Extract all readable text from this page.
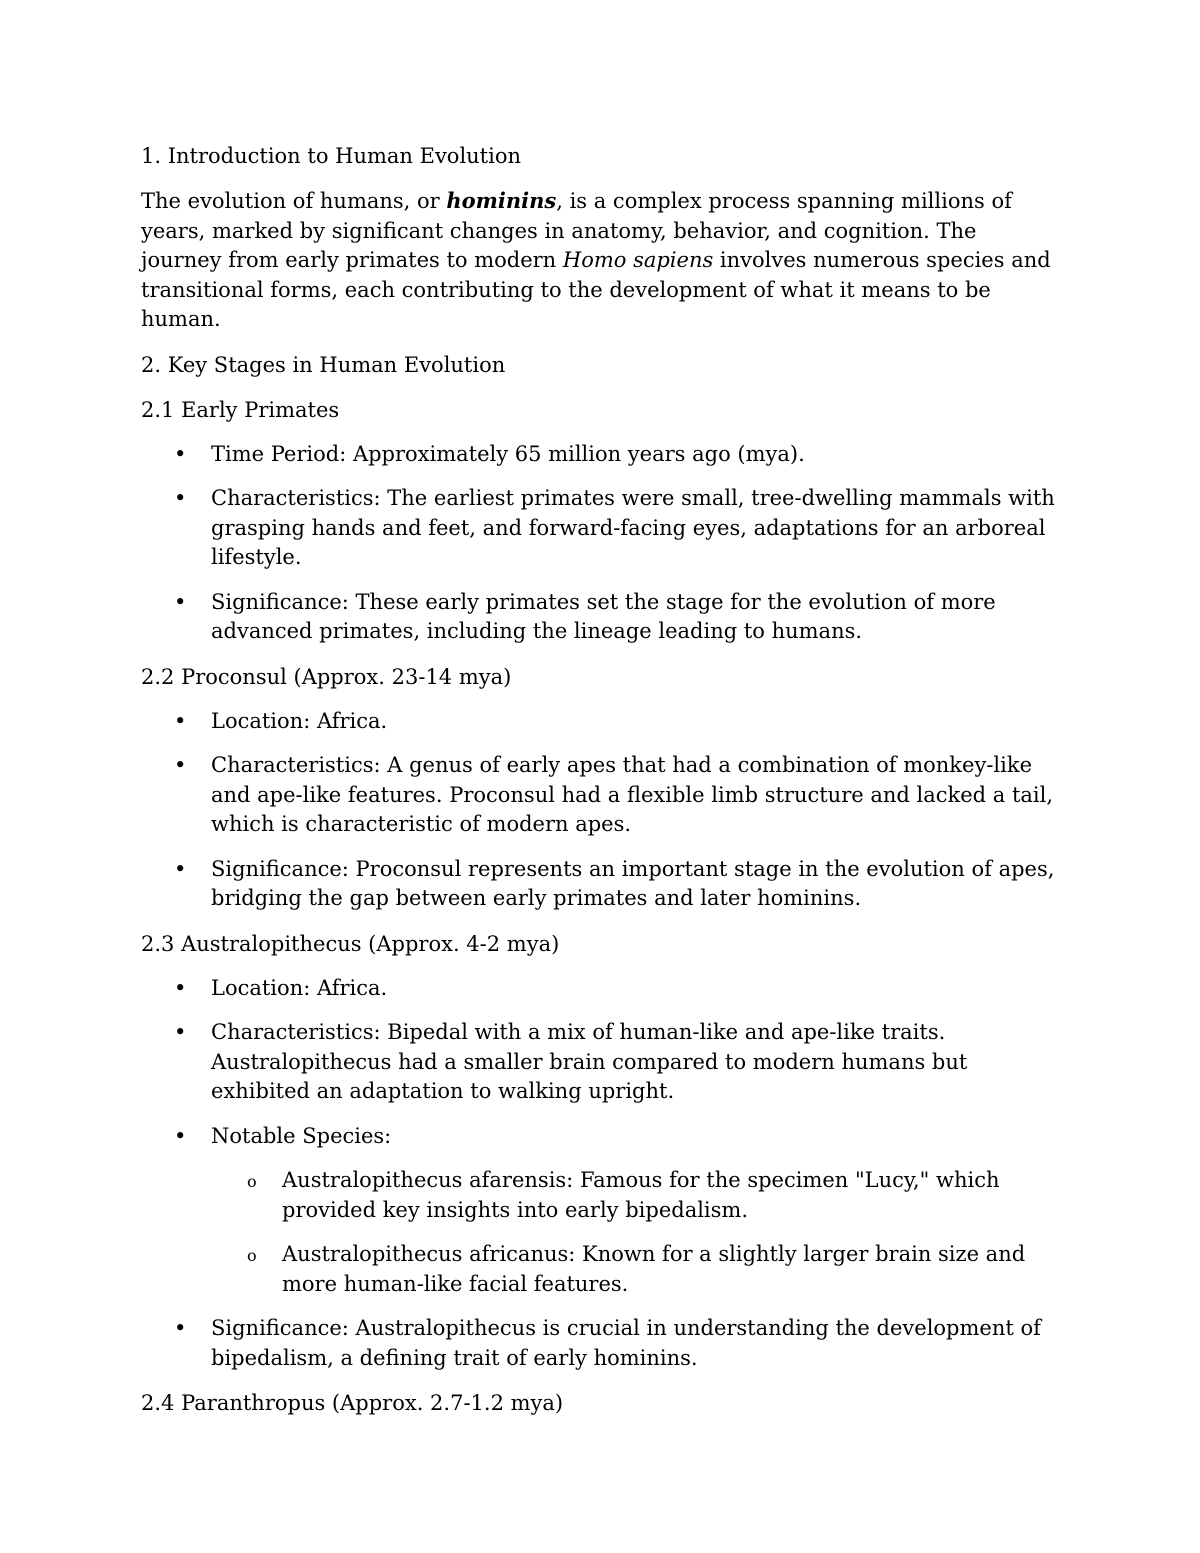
1. Introduction to Human Evolution
The evolution of humans, or hominins, is a complex process spanning millions of years, marked by significant changes in anatomy, behavior, and cognition. The journey from early primates to modern Homo sapiens involves numerous species and transitional forms, each contributing to the development of what it means to be human.
2. Key Stages in Human Evolution
2.1 Early Primates
• Time Period: Approximately 65 million years ago (mya).
• Characteristics: The earliest primates were small, tree-dwelling mammals with grasping hands and feet, and forward-facing eyes, adaptations for an arboreal lifestyle.
• Significance: These early primates set the stage for the evolution of more advanced primates, including the lineage leading to humans.
2.2 Proconsul (Approx. 23-14 mya)
• Location: Africa.
• Characteristics: A genus of early apes that had a combination of monkey-like and ape-like features. Proconsul had a flexible limb structure and lacked a tail, which is characteristic of modern apes.
• Significance: Proconsul represents an important stage in the evolution of apes, bridging the gap between early primates and later hominins.
2.3 Australopithecus (Approx. 4-2 mya)
• Location: Africa.
• Characteristics: Bipedal with a mix of human-like and ape-like traits. Australopithecus had a smaller brain compared to modern humans but exhibited an adaptation to walking upright.
• Notable Species:
o Australopithecus afarensis: Famous for the specimen "Lucy," which provided key insights into early bipedalism.
o Australopithecus africanus: Known for a slightly larger brain size and more human-like facial features.
• Significance: Australopithecus is crucial in understanding the development of bipedalism, a defining trait of early hominins.
2.4 Paranthropus (Approx. 2.7-1.2 mya)
